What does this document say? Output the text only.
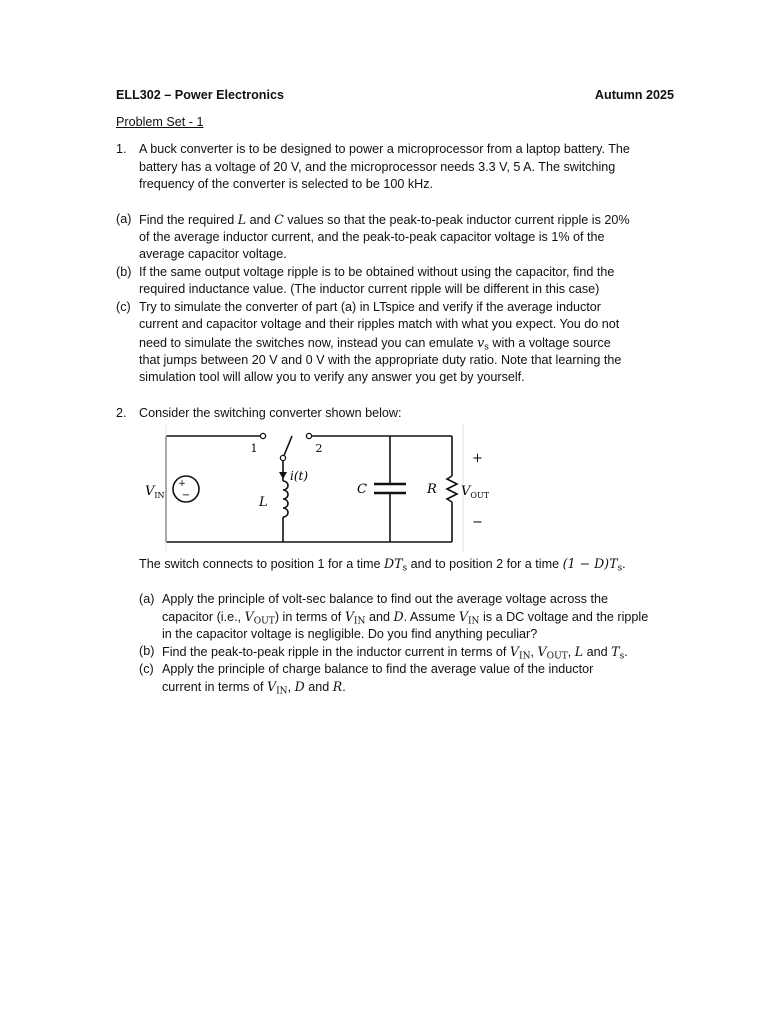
ELL302 – Power Electronics	Autumn 2025
Problem Set - 1
1. A buck converter is to be designed to power a microprocessor from a laptop battery. The
battery has a voltage of 20 V, and the microprocessor needs 3.3 V, 5 A. The switching
frequency of the converter is selected to be 100 kHz.
(a) Find the required L and C values so that the peak-to-peak inductor current ripple is 20%
of the average inductor current, and the peak-to-peak capacitor voltage is 1% of the
average capacitor voltage.
(b) If the same output voltage ripple is to be obtained without using the capacitor, find the
required inductance value. (The inductor current ripple will be different in this case)
(c) Try to simulate the converter of part (a) in LTspice and verify if the average inductor
current and capacitor voltage and their ripples match with what you expect. You do not
need to simulate the switches now, instead you can emulate $v_s$ with a voltage source
that jumps between 20 V and 0 V with the appropriate duty ratio. Note that learning the
simulation tool will allow you to verify any answer you get by yourself.
2. Consider the switching converter shown below:
+
−
$V_{IN}$
1	2
i(t)
L
C	R $V_{OUT}$
+
−
The switch connects to position 1 for a time $DT_s$ and to position 2 for a time $(1 - D)T_s$.
(a) Apply the principle of volt-sec balance to find out the average voltage across the
capacitor (i.e., $V_{OUT}$) in terms of $V_{IN}$ and D. Assume $V_{IN}$ is a DC voltage and the ripple
in the capacitor voltage is negligible. Do you find anything peculiar?
(b) Find the peak-to-peak ripple in the inductor current in terms of $V_{IN}$, $V_{OUT}$, L and $T_s$.
(c) Apply the principle of charge balance to find the average value of the inductor
current in terms of $V_{IN}$, D and R.
